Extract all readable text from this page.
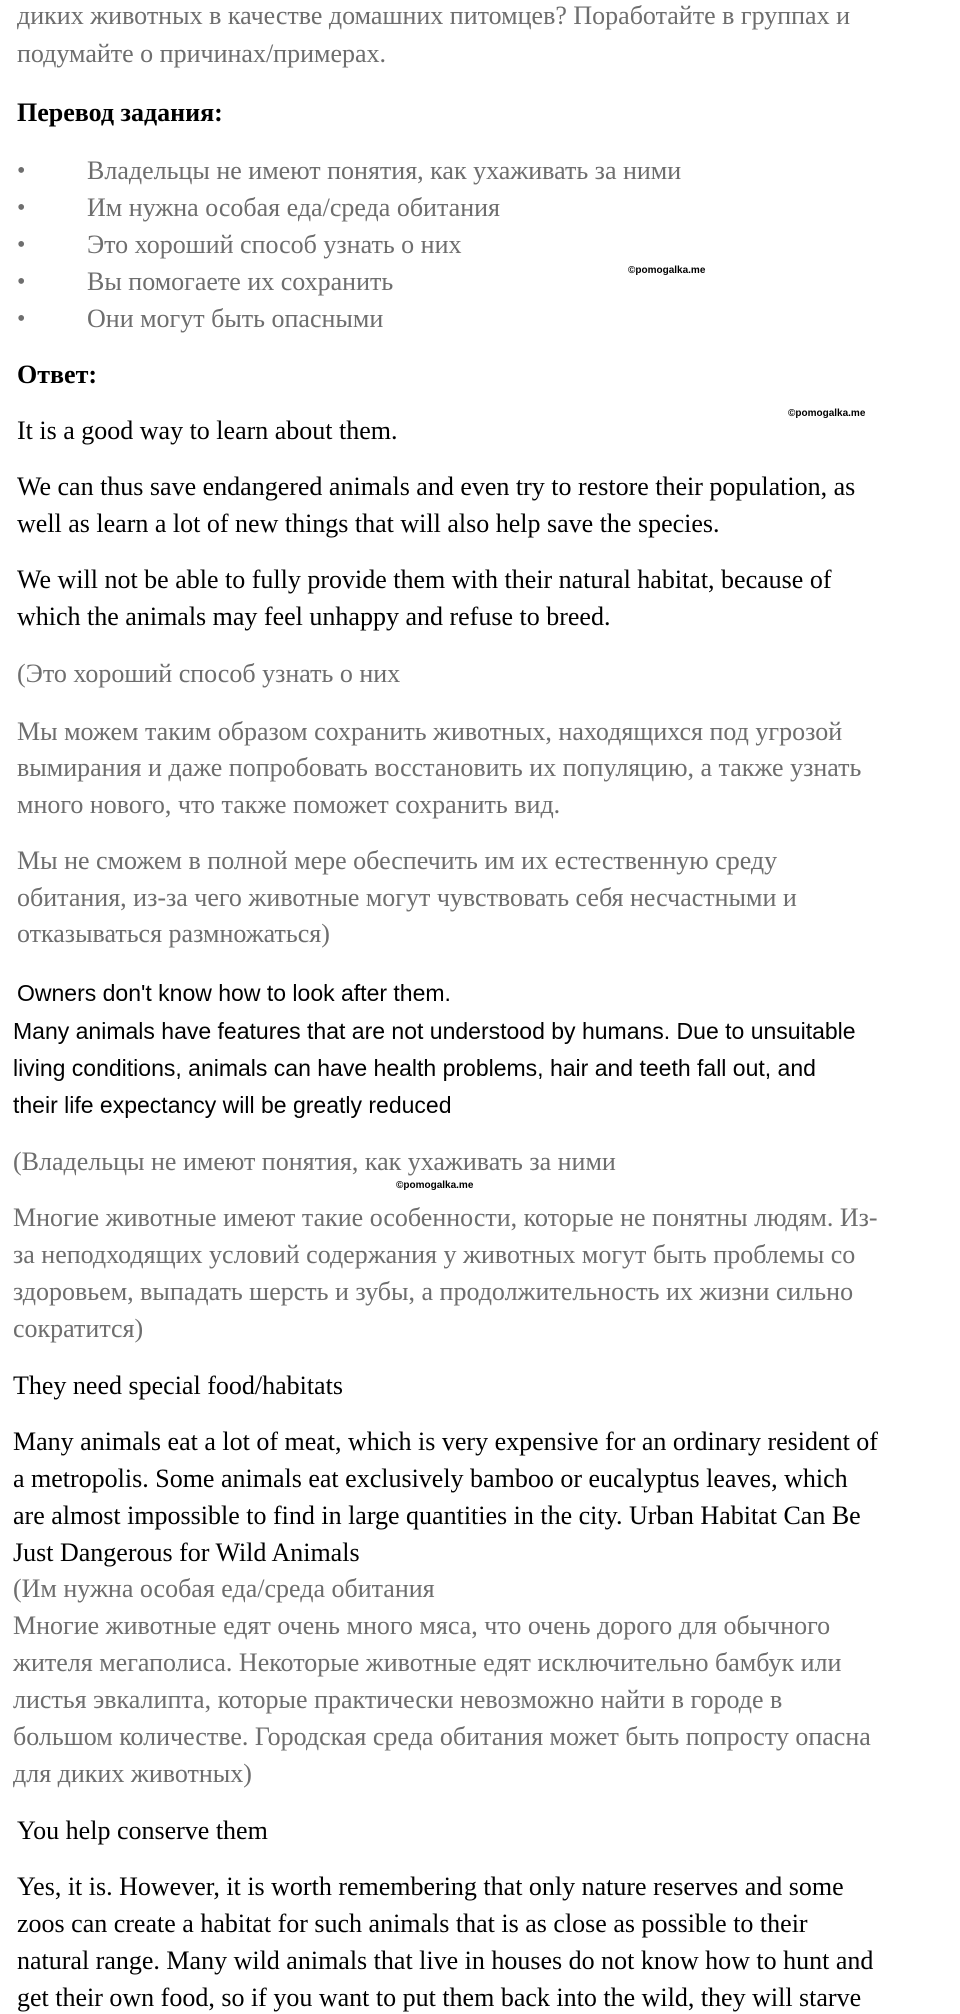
диких животных в качестве домашних питомцев? Поработайте в группах и
подумайте о причинах/примерах.
Перевод задания:
• Владельцы не имеют понятия, как ухаживать за ними
• Им нужна особая еда/среда обитания
• Это хороший способ узнать о них
• Вы помогаете их сохранить
• Они могут быть опасными
©pomogalka.me
Ответ:
©pomogalka.me
It is a good way to learn about them.
We can thus save endangered animals and even try to restore their population, as
well as learn a lot of new things that will also help save the species.
We will not be able to fully provide them with their natural habitat, because of
which the animals may feel unhappy and refuse to breed.
(Это хороший способ узнать о них
Мы можем таким образом сохранить животных, находящихся под угрозой
вымирания и даже попробовать восстановить их популяцию, а также узнать
много нового, что также поможет сохранить вид.
Мы не сможем в полной мере обеспечить им их естественную среду
обитания, из-за чего животные могут чувствовать себя несчастными и
отказываться размножаться)
Owners don't know how to look after them.
Many animals have features that are not understood by humans. Due to unsuitable
living conditions, animals can have health problems, hair and teeth fall out, and
their life expectancy will be greatly reduced
(Владельцы не имеют понятия, как ухаживать за ними
©pomogalka.me
Многие животные имеют такие особенности, которые не понятны людям. Из-
за неподходящих условий содержания у животных могут быть проблемы со
здоровьем, выпадать шерсть и зубы, а продолжительность их жизни сильно
сократится)
They need special food/habitats
Many animals eat a lot of meat, which is very expensive for an ordinary resident of
a metropolis. Some animals eat exclusively bamboo or eucalyptus leaves, which
are almost impossible to find in large quantities in the city. Urban Habitat Can Be
Just Dangerous for Wild Animals
(Им нужна особая еда/среда обитания
Многие животные едят очень много мяса, что очень дорого для обычного
жителя мегаполиса. Некоторые животные едят исключительно бамбук или
листья эвкалипта, которые практически невозможно найти в городе в
большом количестве. Городская среда обитания может быть попросту опасна
для диких животных)
You help conserve them
Yes, it is. However, it is worth remembering that only nature reserves and some
zoos can create a habitat for such animals that is as close as possible to their
natural range. Many wild animals that live in houses do not know how to hunt and
get their own food, so if you want to put them back into the wild, they will starve
